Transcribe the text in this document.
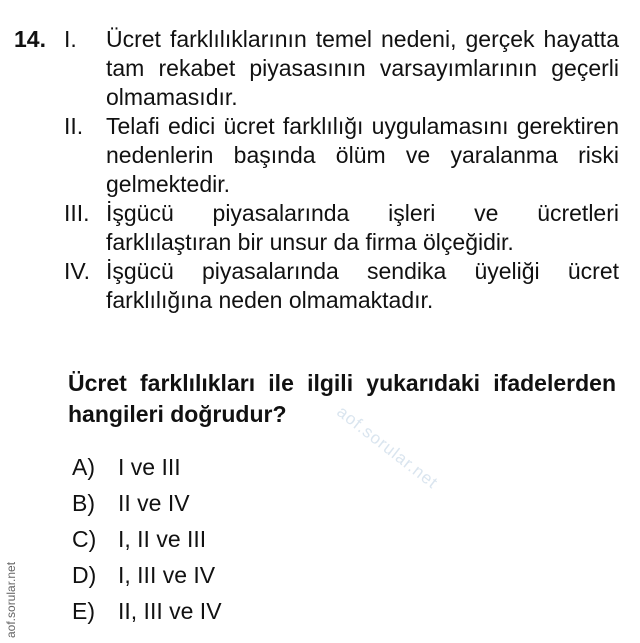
14. I.	Ücret farklılıklarının temel nedeni, gerçek hayatta tam rekabet piyasasının varsayımlarının geçerli olmamasıdır.
II. Telafi edici ücret farklılığı uygulamasını gerektiren nedenlerin başında ölüm ve yaralanma riski gelmektedir.
III. İşgücü piyasalarında işleri ve ücretleri farklılaştıran bir unsur da firma ölçeğidir.
IV. İşgücü piyasalarında sendika üyeliği ücret farklılığına neden olmamaktadır.
Ücret farklılıkları ile ilgili yukarıdaki ifadelerden hangileri doğrudur?
A)	I ve III
B)	II ve IV
C) I, II ve III
D) I, III ve IV
E)	II, III ve IV
aof.sorular.net
aof.sorular.net
